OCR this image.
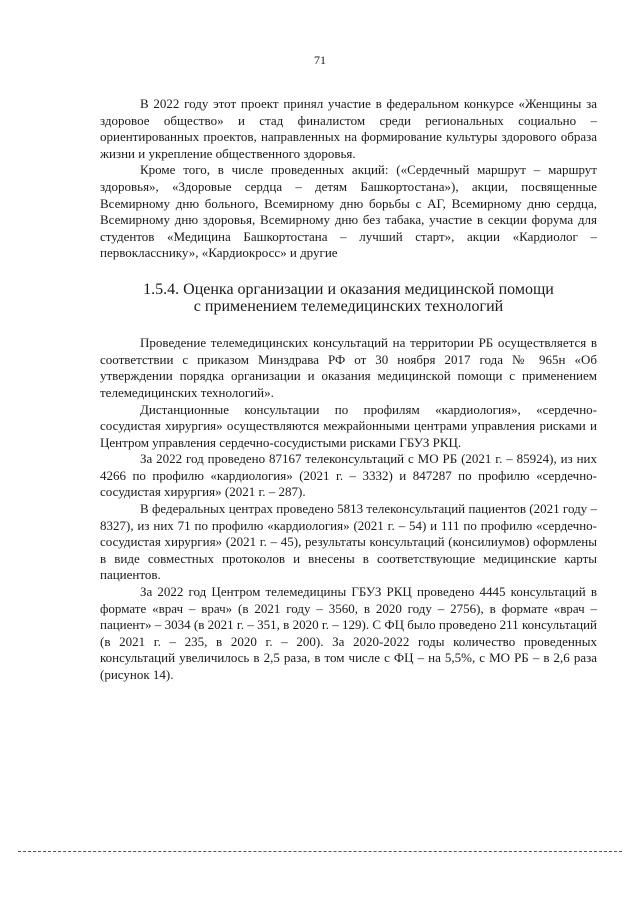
71

В 2022 году этот проект принял участие в федеральном конкурсе «Женщины за здоровое общество» и стад финалистом среди региональных социально – ориентированных проектов, направленных на формирование культуры здорового образа жизни и укрепление общественного здоровья.

Кроме того, в числе проведенных акций: («Сердечный маршрут – маршрут здоровья», «Здоровые сердца – детям Башкортостана»), акции, посвященные Всемирному дню больного, Всемирному дню борьбы с АГ, Всемирному дню сердца, Всемирному дню здоровья, Всемирному дню без табака, участие в секции форума для студентов «Медицина Башкортостана – лучший старт», акции «Кардиолог – первокласснику», «Кардиокросс» и другие

1.5.4. Оценка организации и оказания медицинской помощи
с применением телемедицинских технологий

Проведение телемедицинских консультаций на территории РБ осуществляется в соответствии с приказом Минздрава РФ от 30 ноября 2017 года № 965н «Об утверждении порядка организации и оказания медицинской помощи с применением телемедицинских технологий».

Дистанционные консультации по профилям «кардиология», «сердечно-сосудистая хирургия» осуществляются межрайонными центрами управления рисками и Центром управления сердечно-сосудистыми рисками ГБУЗ РКЦ.

За 2022 год проведено 87167 телеконсультаций с МО РБ (2021 г. – 85924), из них 4266 по профилю «кардиология» (2021 г. – 3332) и 847287 по профилю «сердечно-сосудистая хирургия» (2021 г. – 287).

В федеральных центрах проведено 5813 телеконсультаций пациентов (2021 году – 8327), из них 71 по профилю «кардиология» (2021 г. – 54) и 111 по профилю «сердечно-сосудистая хирургия» (2021 г. – 45), результаты консультаций (консилиумов) оформлены в виде совместных протоколов и внесены в соответствующие медицинские карты пациентов.

За 2022 год Центром телемедицины ГБУЗ РКЦ проведено 4445 консультаций в формате «врач – врач» (в 2021 году – 3560, в 2020 году – 2756), в формате «врач – пациент» – 3034 (в 2021 г. – 351, в 2020 г. – 129). С ФЦ было проведено 211 консультаций (в 2021 г. – 235, в 2020 г. – 200). За 2020-2022 годы количество проведенных консультаций увеличилось в 2,5 раза, в том числе с ФЦ – на 5,5%, с МО РБ – в 2,6 раза (рисунок 14).
